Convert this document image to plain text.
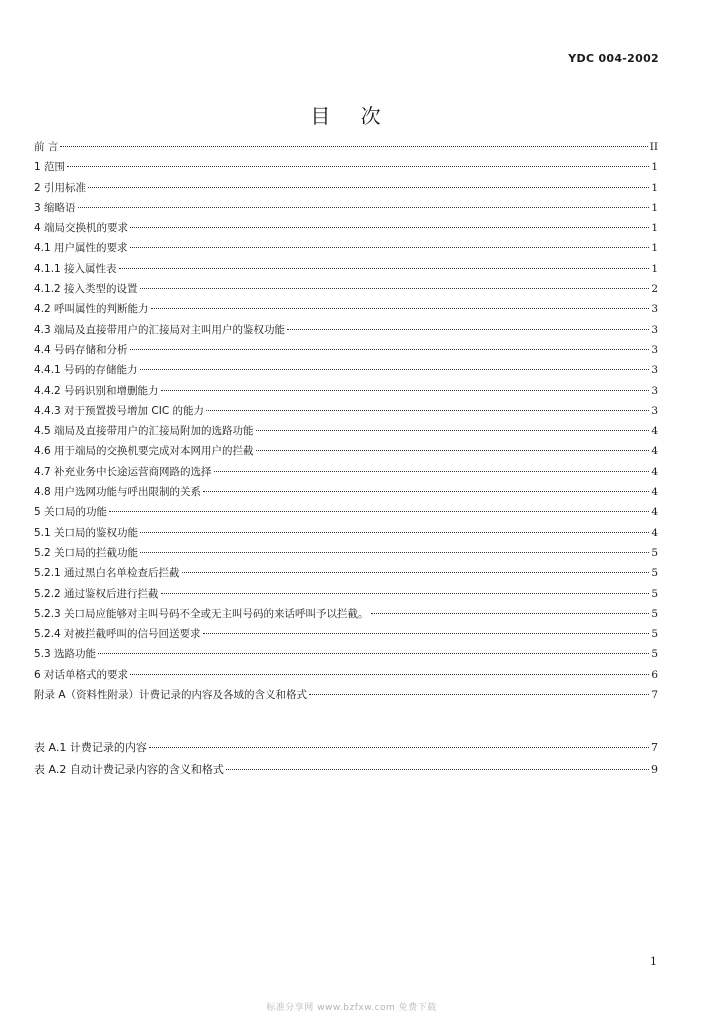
YDC 004-2002
目 次
前 言	II
1 范围	1
2 引用标准	1
3 缩略语	1
4 端局交换机的要求	1
4.1 用户属性的要求	1
4.1.1 接入属性表	1
4.1.2 接入类型的设置	2
4.2 呼叫属性的判断能力	3
4.3 端局及直接带用户的汇接局对主叫用户的鉴权功能	3
4.4 号码存储和分析	3
4.4.1 号码的存储能力	3
4.4.2 号码识别和增删能力	3
4.4.3 对于预置拨号增加 CIC 的能力	3
4.5 端局及直接带用户的汇接局附加的选路功能	4
4.6 用于端局的交换机要完成对本网用户的拦截	4
4.7 补充业务中长途运营商网路的选择	4
4.8 用户选网功能与呼出限制的关系	4
5 关口局的功能	4
5.1 关口局的鉴权功能	4
5.2 关口局的拦截功能	5
5.2.1 通过黑白名单检查后拦截	5
5.2.2 通过鉴权后进行拦截	5
5.2.3 关口局应能够对主叫号码不全或无主叫号码的来话呼叫予以拦截。	5
5.2.4 对被拦截呼叫的信号回送要求	5
5.3 选路功能	5
6 对话单格式的要求	6
附录 A（资料性附录）计费记录的内容及各域的含义和格式	7
表 A.1 计费记录的内容	7
表 A.2 自动计费记录内容的含义和格式	9
1
标准分享网 www.bzfxw.com 免费下载
